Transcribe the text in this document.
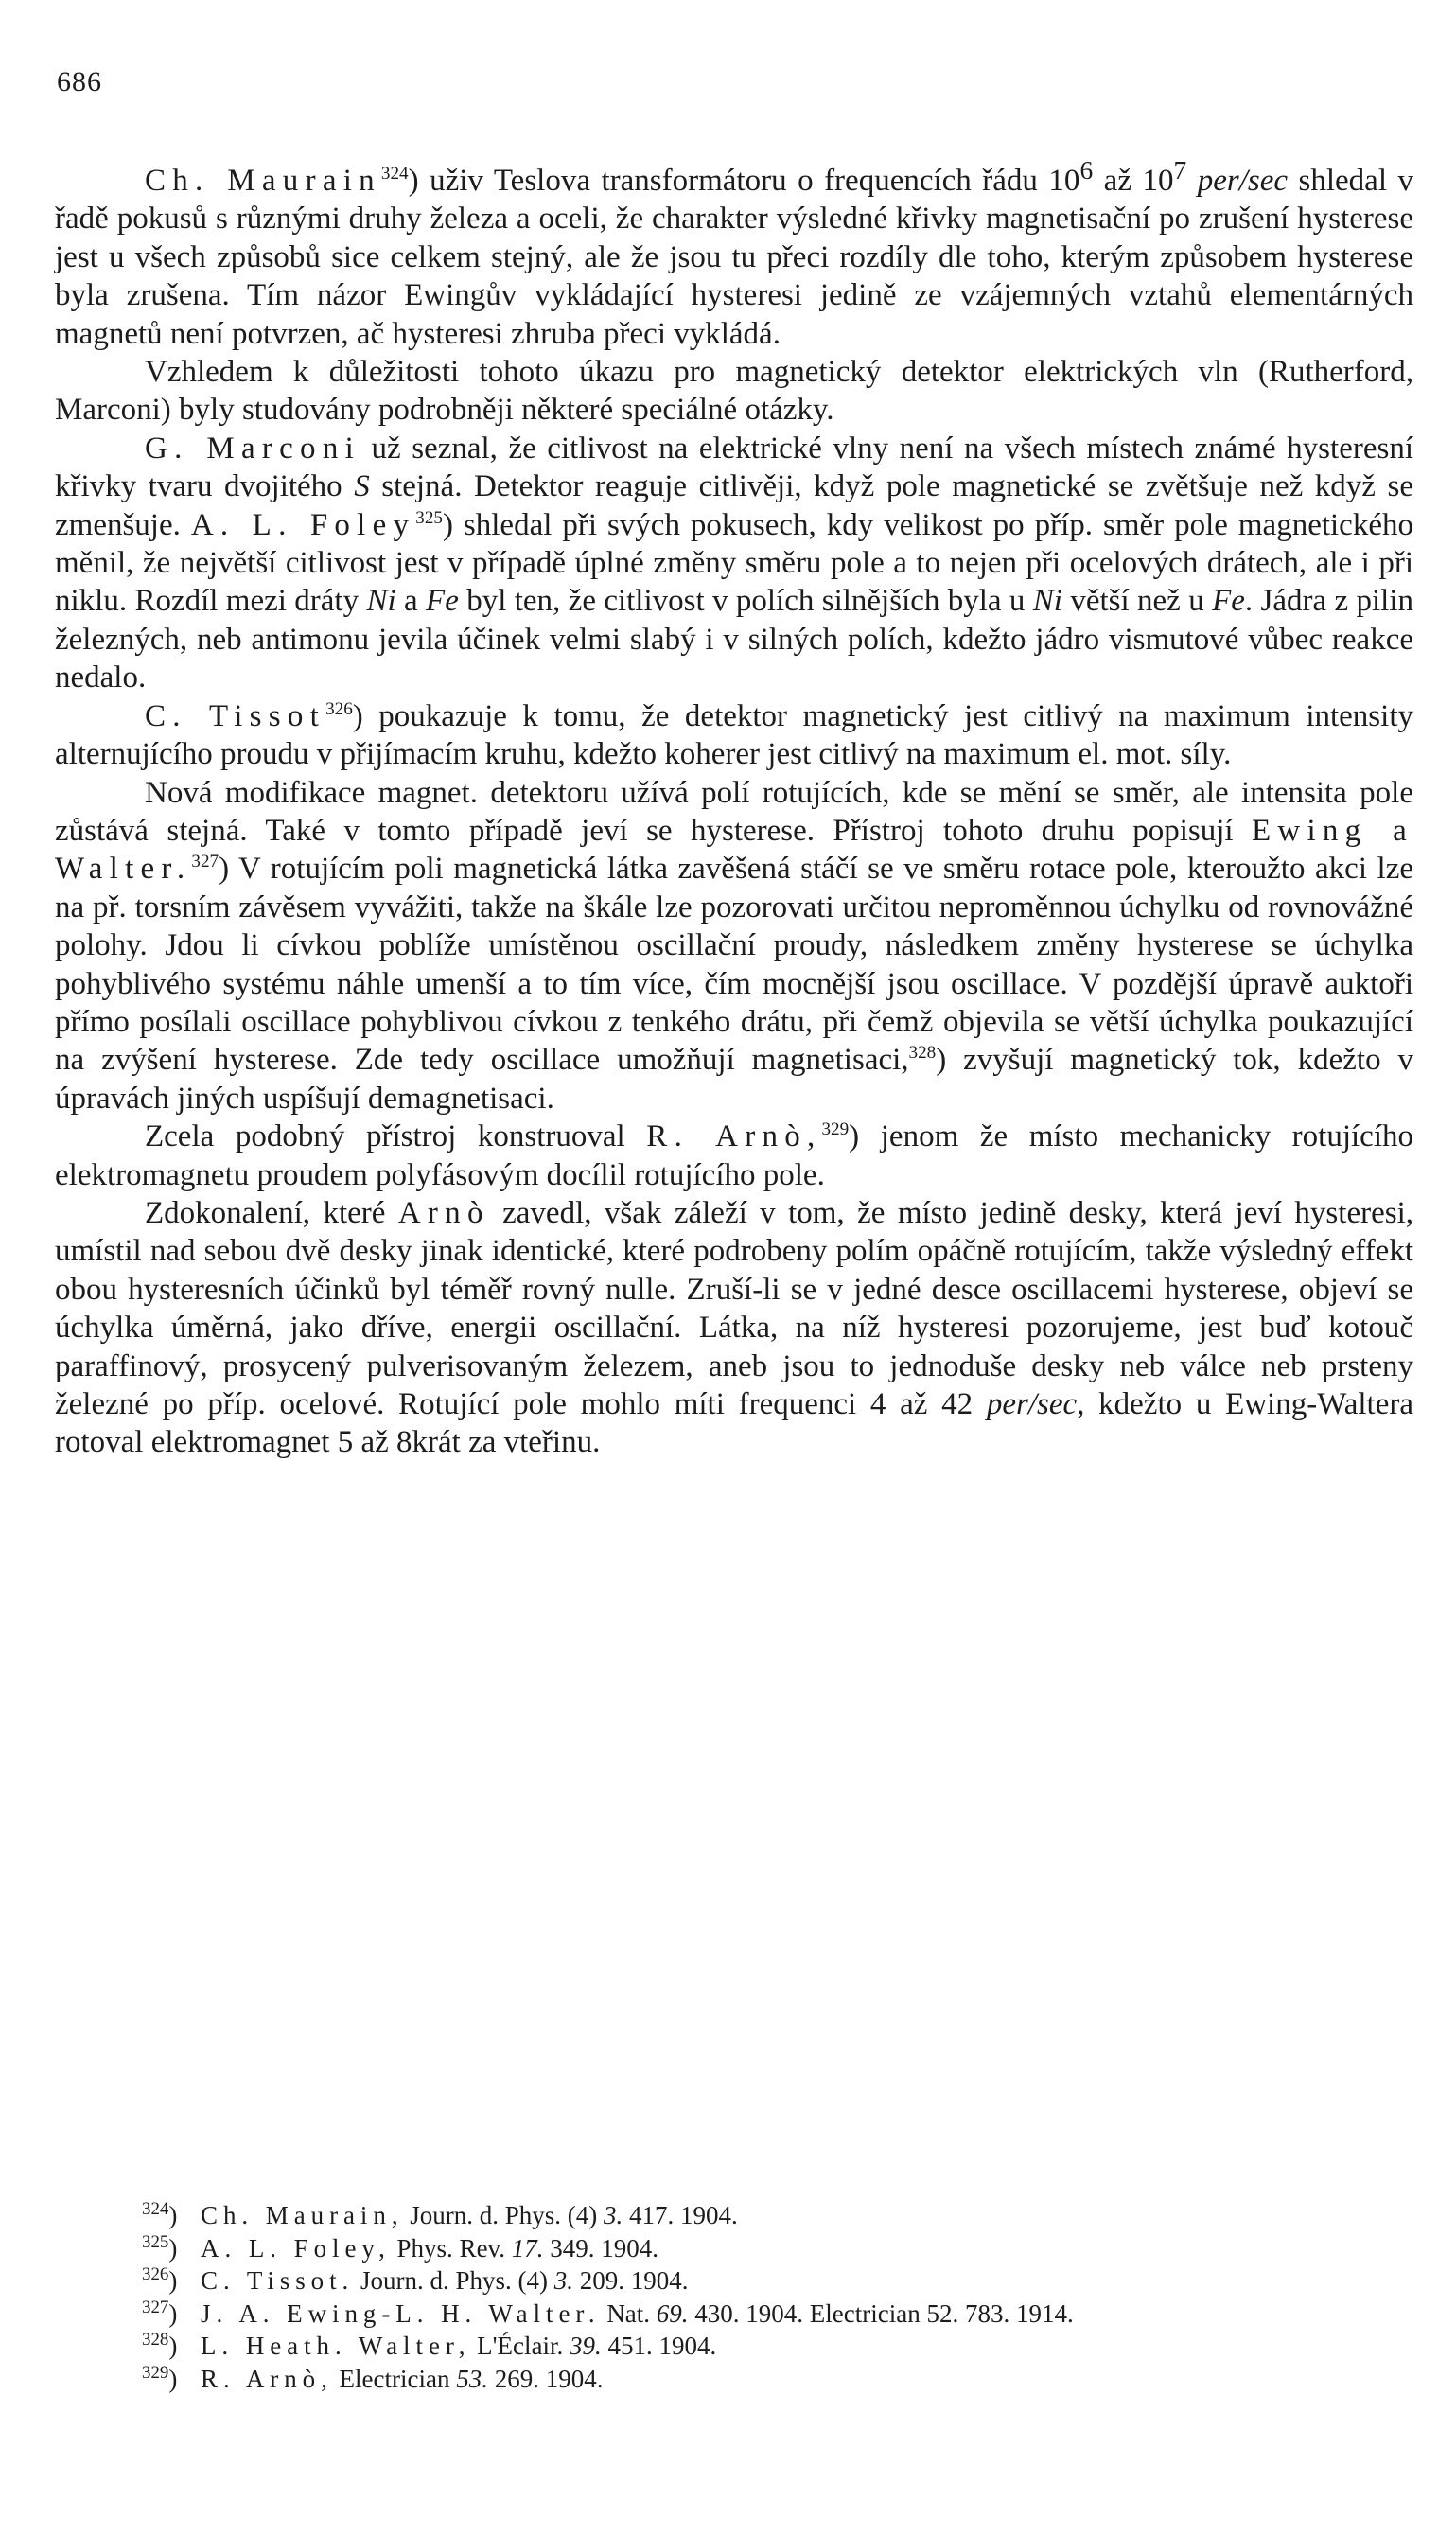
686

Ch. Maurain$^{324}$) uživ Teslova transformátoru o frequencích řádu $10^6$ až $10^7$ per/sec shledal v řadě pokusů s různými druhy železa a oceli, že charakter výsledné křivky magnetisační po zrušení hysterese jest u všech způsobů sice celkem stejný, ale že jsou tu přeci rozdíly dle toho, kterým způsobem hysterese byla zrušena. Tím názor Ewingův vykládající hysteresi jedině ze vzájemných vztahů elementárných magnetů není potvrzen, ač hysteresi zhruba přeci vykládá.

Vzhledem k důležitosti tohoto úkazu pro magnetický detektor elektrických vln (Rutherford, Marconi) byly studovány podrobněji některé speciálné otázky.

G. Marconi už seznal, že citlivost na elektrické vlny není na všech místech známé hysteresní křivky tvaru dvojitého S stejná. Detektor reaguje citlivěji, když pole magnetické se zvětšuje než když se zmenšuje. A. L. Foley$^{325}$) shledal při svých pokusech, kdy velikost po příp. směr pole magnetického měnil, že největší citlivost jest v případě úplné změny směru pole a to nejen při ocelových drátech, ale i při niklu. Rozdíl mezi dráty Ni a Fe byl ten, že citlivost v polích silnějších byla u Ni větší než u Fe. Jádra z pilin železných, neb antimonu jevila účinek velmi slabý i v silných polích, kdežto jádro vismutové vůbec reakce nedalo.

C. Tissot$^{326}$) poukazuje k tomu, že detektor magnetický jest citlivý na maximum intensity alternujícího proudu v přijímacím kruhu, kdežto koherer jest citlivý na maximum el. mot. síly.

Nová modifikace magnet. detektoru užívá polí rotujících, kde se mění se směr, ale intensita pole zůstává stejná. Také v tomto případě jeví se hysterese. Přístroj tohoto druhu popisují Ewing a Walter.$^{327}$) V rotujícím poli magnetická látka zavěšená stáčí se ve směru rotace pole, kteroužto akci lze na př. torsním závěsem vyvážiti, takže na škále lze pozorovati určitou neproměnnou úchylku od rovnovážné polohy. Jdou li cívkou poblíže umístěnou oscillační proudy, následkem změny hysterese se úchylka pohyblivého systému náhle umenší a to tím více, čím mocnější jsou oscillace. V pozdější úpravě auktoři přímo posílali oscillace pohyblivou cívkou z tenkého drátu, při čemž objevila se větší úchylka poukazující na zvýšení hysterese. Zde tedy oscillace umožňují magnetisaci,$^{328}$) zvyšují magnetický tok, kdežto v úpravách jiných uspíšují demagnetisaci.

Zcela podobný přístroj konstruoval R. Arnò,$^{329}$) jenom že místo mechanicky rotujícího elektromagnetu proudem polyfásovým docílil rotujícího pole.

Zdokonalení, které Arnò zavedl, však záleží v tom, že místo jedině desky, která jeví hysteresi, umístil nad sebou dvě desky jinak identické, které podrobeny polím opáčně rotujícím, takže výsledný effekt obou hysteresních účinků byl téměř rovný nulle. Zruší-li se v jedné desce oscillacemi hysterese, objeví se úchylka úměrná, jako dříve, energii oscillační. Látka, na níž hysteresi pozorujeme, jest buď kotouč paraffinový, prosycený pulverisovaným železem, aneb jsou to jednoduše desky neb válce neb prsteny železné po příp. ocelové. Rotující pole mohlo míti frequenci 4 až 42 per/sec, kdežto u Ewing-Waltera rotoval elektromagnet 5 až 8krát za vteřinu.

$^{324}$) Ch. Maurain, Journ. d. Phys. (4) 3. 417. 1904.
$^{325}$) A. L. Foley, Phys. Rev. 17. 349. 1904.
$^{326}$) C. Tissot. Journ. d. Phys. (4) 3. 209. 1904.
$^{327}$) J. A. Ewing-L. H. Walter. Nat. 69. 430. 1904. Electrician 52. 783. 1914.
$^{328}$) L. Heath. Walter, L'Éclair. 39. 451. 1904.
$^{329}$) R. Arnò, Electrician 53. 269. 1904.
